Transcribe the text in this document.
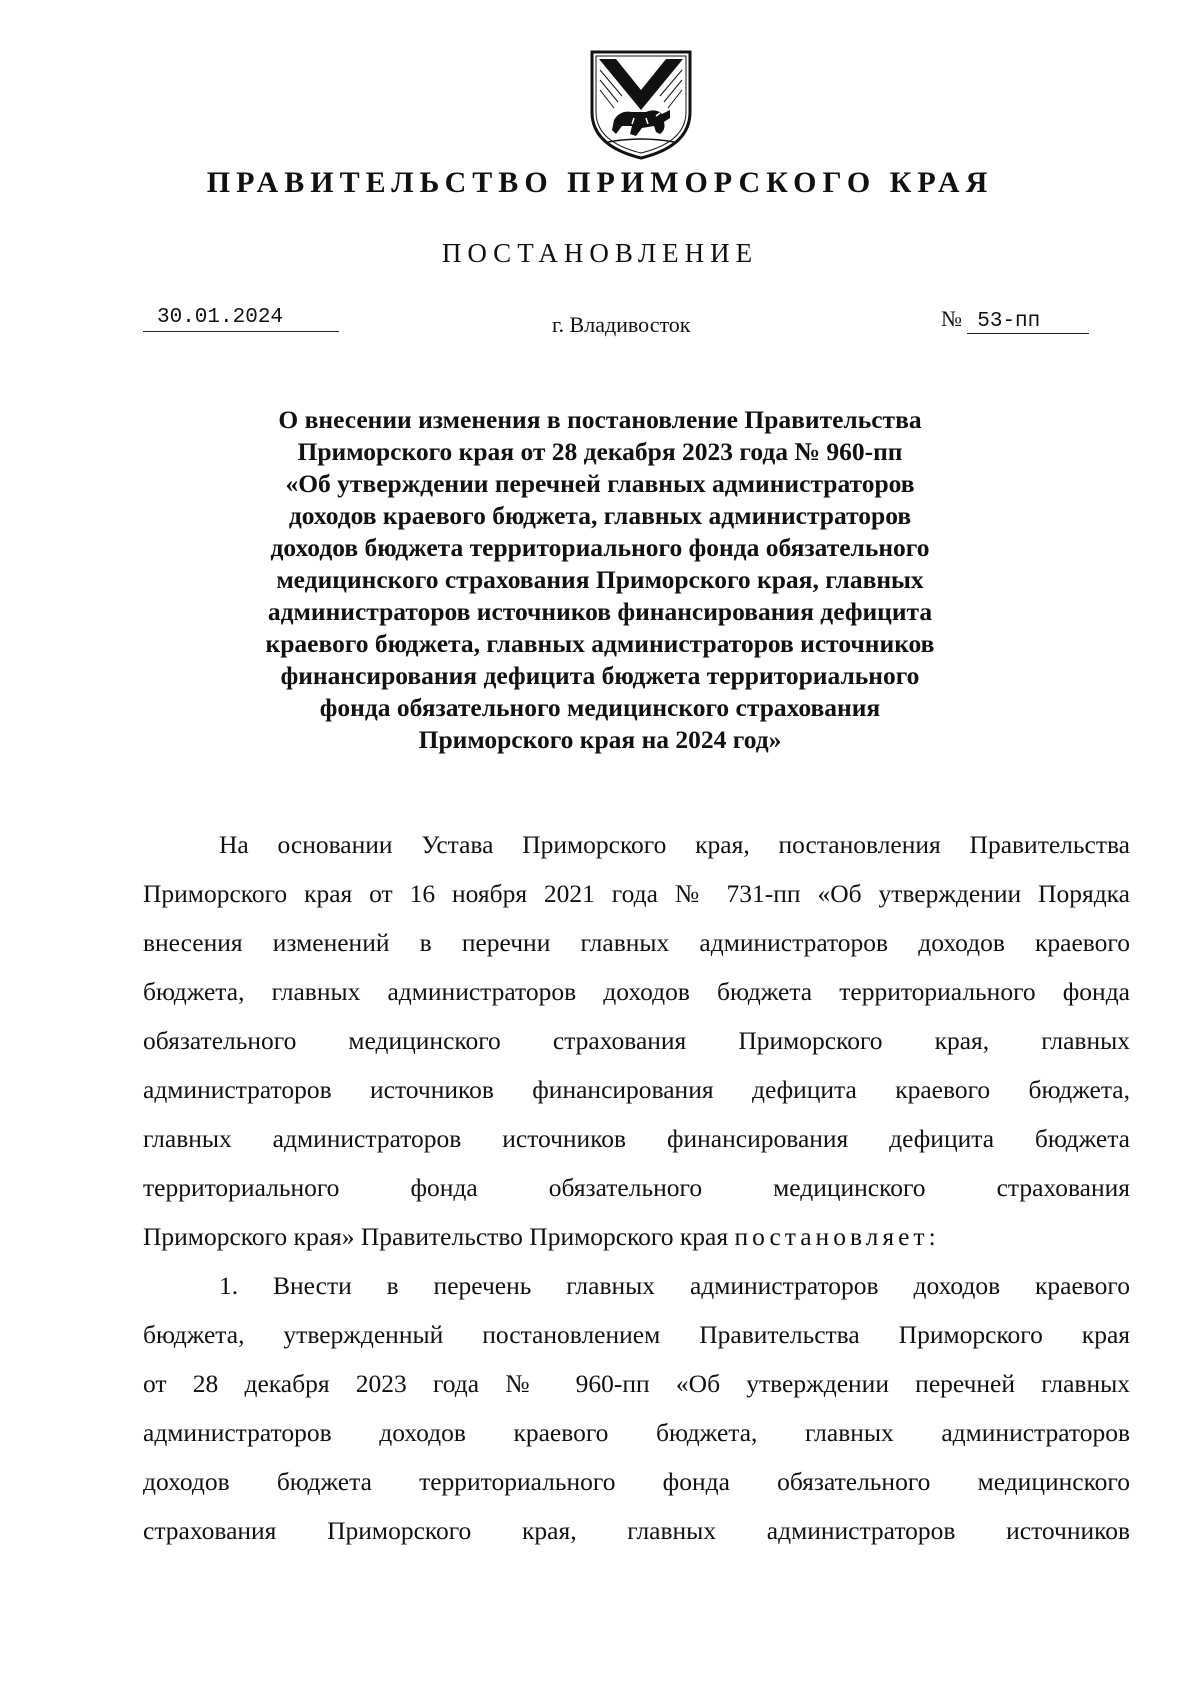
ПРАВИТЕЛЬСТВО ПРИМОРСКОГО КРАЯ
ПОСТАНОВЛЕНИЕ
30.01.2024	г. Владивосток	№ 53-пп
О внесении изменения в постановление Правительства
Приморского края от 28 декабря 2023 года № 960-пп
«Об утверждении перечней главных администраторов
доходов краевого бюджета, главных администраторов
доходов бюджета территориального фонда обязательного
медицинского страхования Приморского края, главных
администраторов источников финансирования дефицита
краевого бюджета, главных администраторов источников
финансирования дефицита бюджета территориального
фонда обязательного медицинского страхования
Приморского края на 2024 год»
На основании Устава Приморского края, постановления Правительства
Приморского края от 16 ноября 2021 года № 731-пп «Об утверждении Порядка
внесения изменений в перечни главных администраторов доходов краевого
бюджета, главных администраторов доходов бюджета территориального фонда
обязательного медицинского страхования Приморского края, главных
администраторов источников финансирования дефицита краевого бюджета,
главных администраторов источников финансирования дефицита бюджета
территориального фонда обязательного медицинского страхования
Приморского края» Правительство Приморского края постановляет:
1. Внести в перечень главных администраторов доходов краевого
бюджета, утвержденный постановлением Правительства Приморского края
от 28 декабря 2023 года № 960-пп «Об утверждении перечней главных
администраторов доходов краевого бюджета, главных администраторов
доходов бюджета территориального фонда обязательного медицинского
страхования Приморского края, главных администраторов источников
